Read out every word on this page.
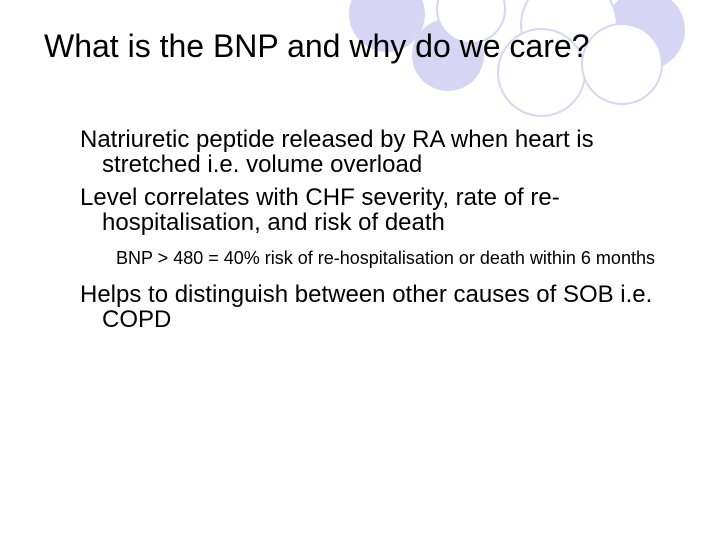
What is the BNP and why do we care?
Natriuretic peptide released by RA when heart is stretched i.e. volume overload
Level correlates with CHF severity, rate of re-hospitalisation, and risk of death
BNP > 480 = 40% risk of re-hospitalisation or death within 6 months
Helps to distinguish between other causes of SOB i.e. COPD
